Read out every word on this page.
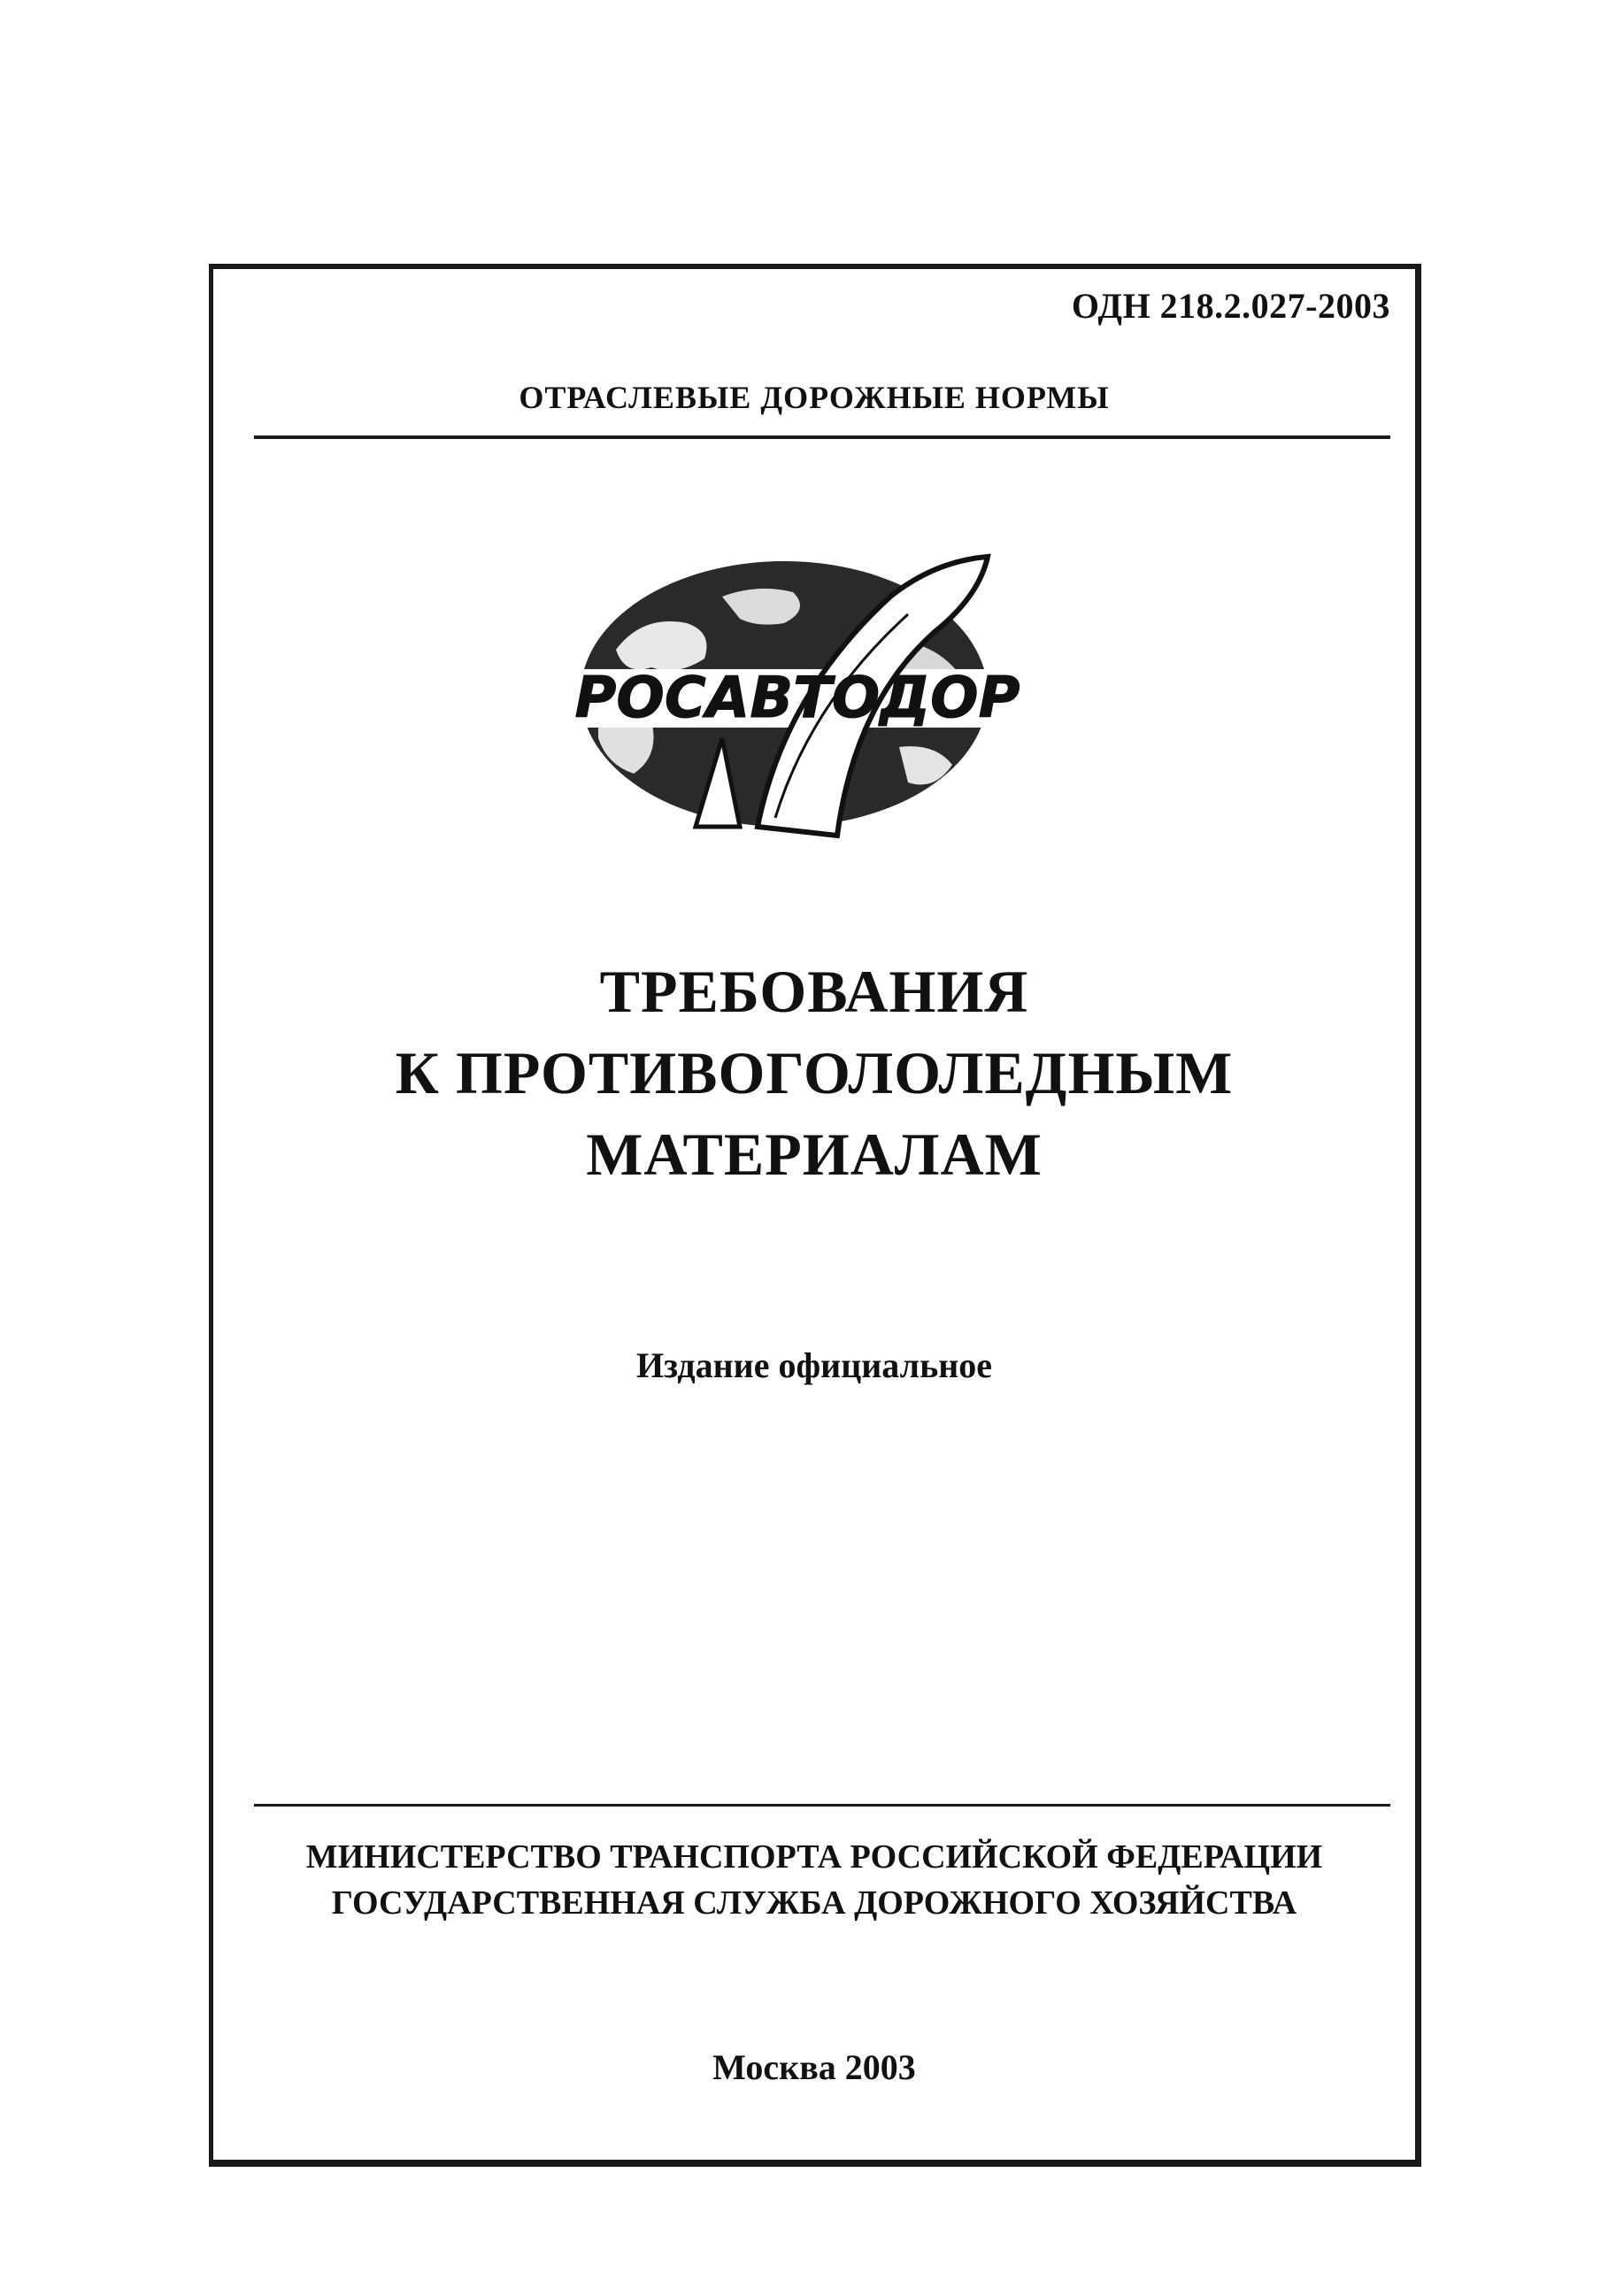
ОДН 218.2.027-2003
ОТРАСЛЕВЫЕ ДОРОЖНЫЕ НОРМЫ
РОСАВТОДОР
ТРЕБОВАНИЯ
К ПРОТИВОГОЛОЛЕДНЫМ
МАТЕРИАЛАМ
Издание официальное
МИНИСТЕРСТВО ТРАНСПОРТА РОССИЙСКОЙ ФЕДЕРАЦИИ
ГОСУДАРСТВЕННАЯ СЛУЖБА ДОРОЖНОГО ХОЗЯЙСТВА
Москва 2003
